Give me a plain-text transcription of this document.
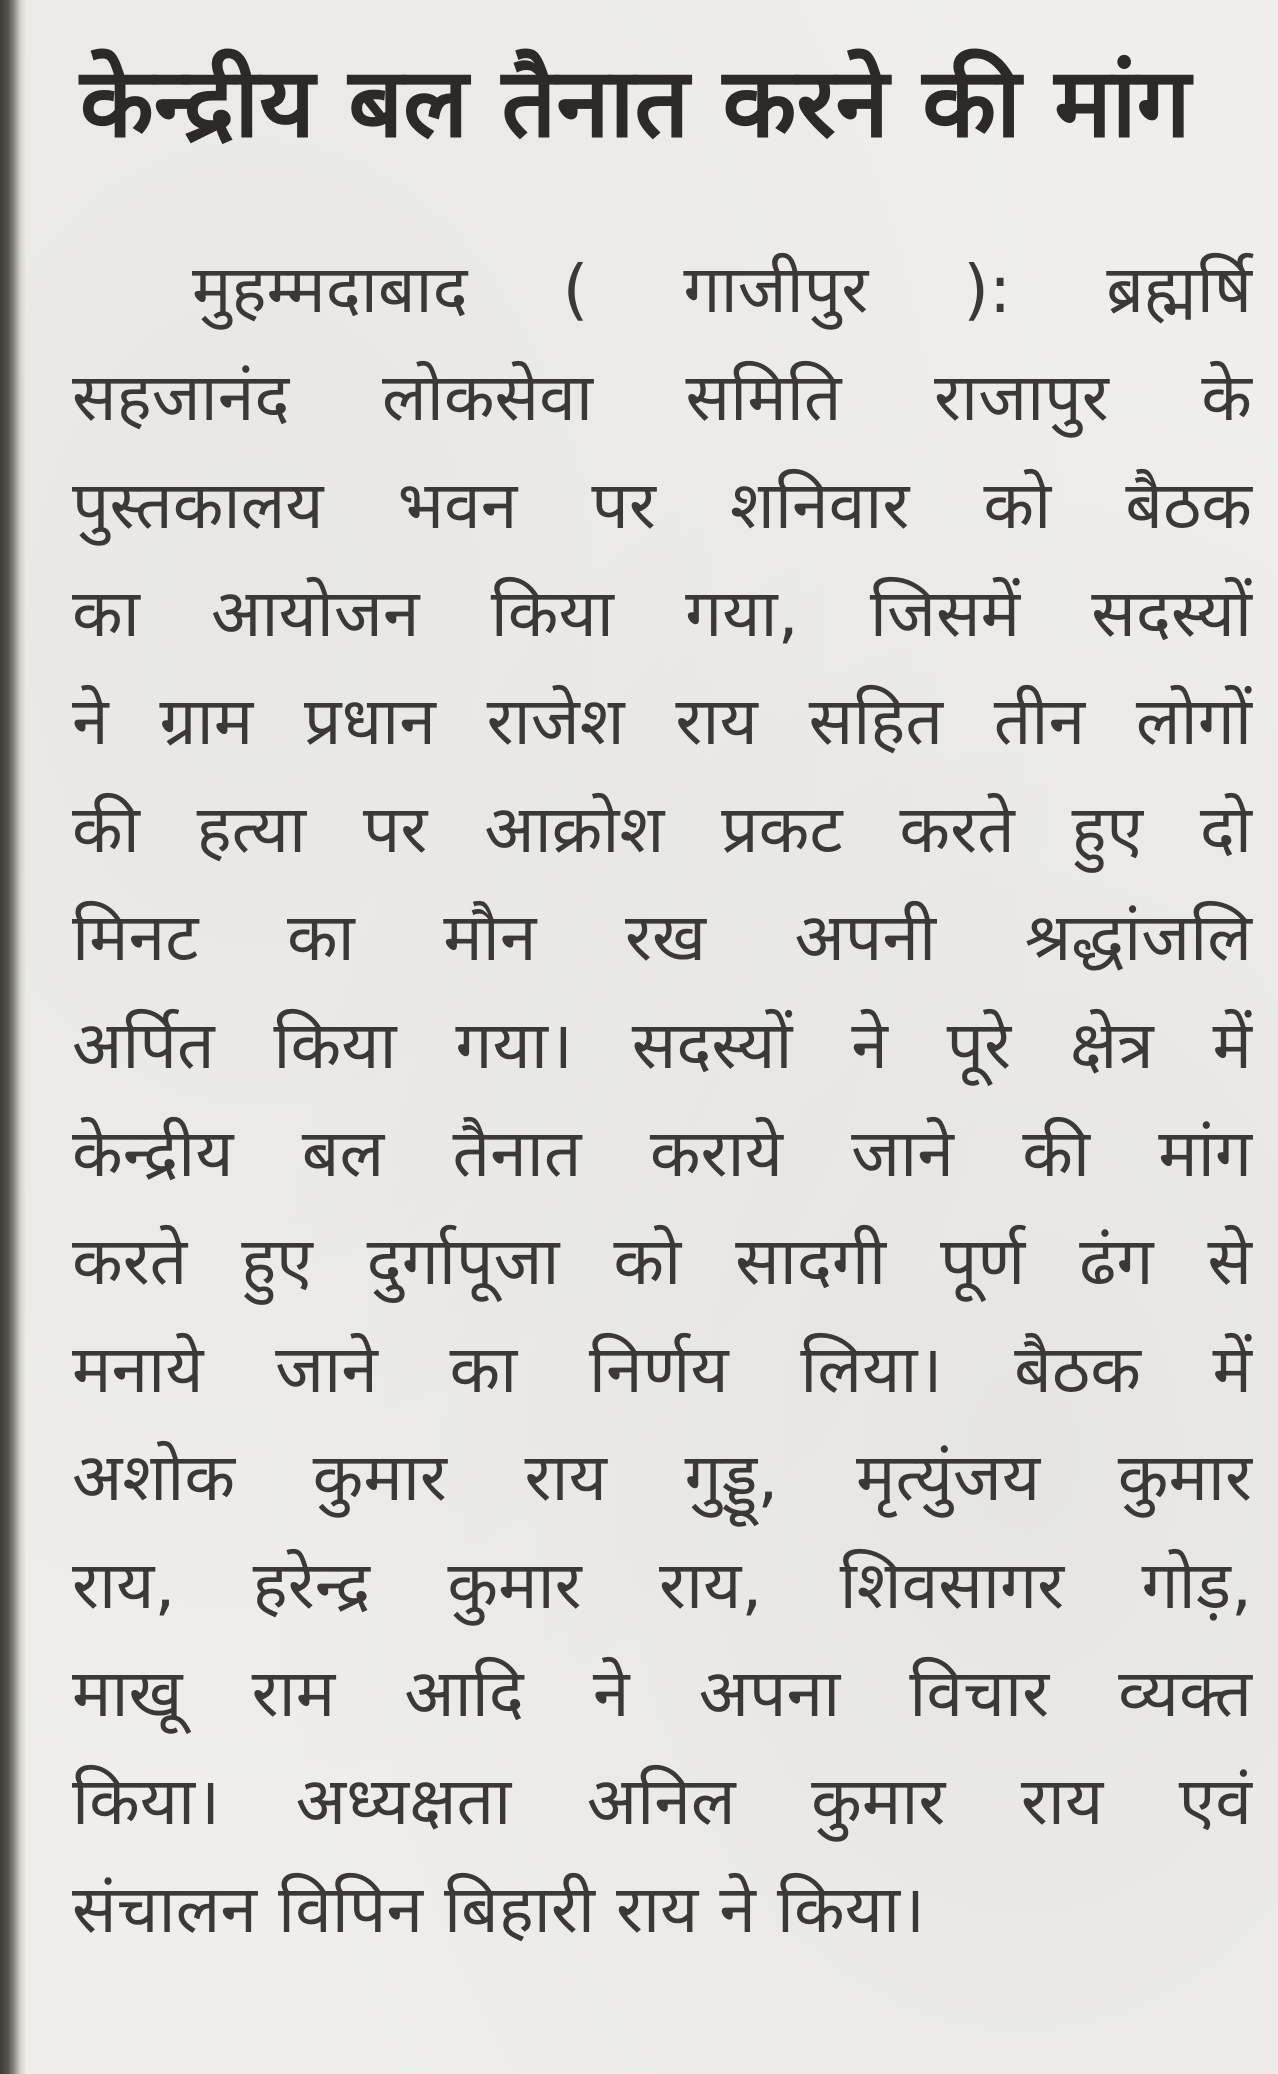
केन्द्रीय बल तैनात करने की मांग
मुहम्मदाबाद ( गाजीपुर ): ब्रह्मर्षि
सहजानंद लोकसेवा समिति राजापुर के
पुस्तकालय भवन पर शनिवार को बैठक
का आयोजन किया गया, जिसमें सदस्यों
ने ग्राम प्रधान राजेश राय सहित तीन लोगों
की हत्या पर आक्रोश प्रकट करते हुए दो
मिनट का मौन रख अपनी श्रद्धांजलि
अर्पित किया गया। सदस्यों ने पूरे क्षेत्र में
केन्द्रीय बल तैनात कराये जाने की मांग
करते हुए दुर्गापूजा को सादगी पूर्ण ढंग से
मनाये जाने का निर्णय लिया। बैठक में
अशोक कुमार राय गुड्डू, मृत्युंजय कुमार
राय, हरेन्द्र कुमार राय, शिवसागर गोड़,
माखू राम आदि ने अपना विचार व्यक्त
किया। अध्यक्षता अनिल कुमार राय एवं
संचालन विपिन बिहारी राय ने किया।
